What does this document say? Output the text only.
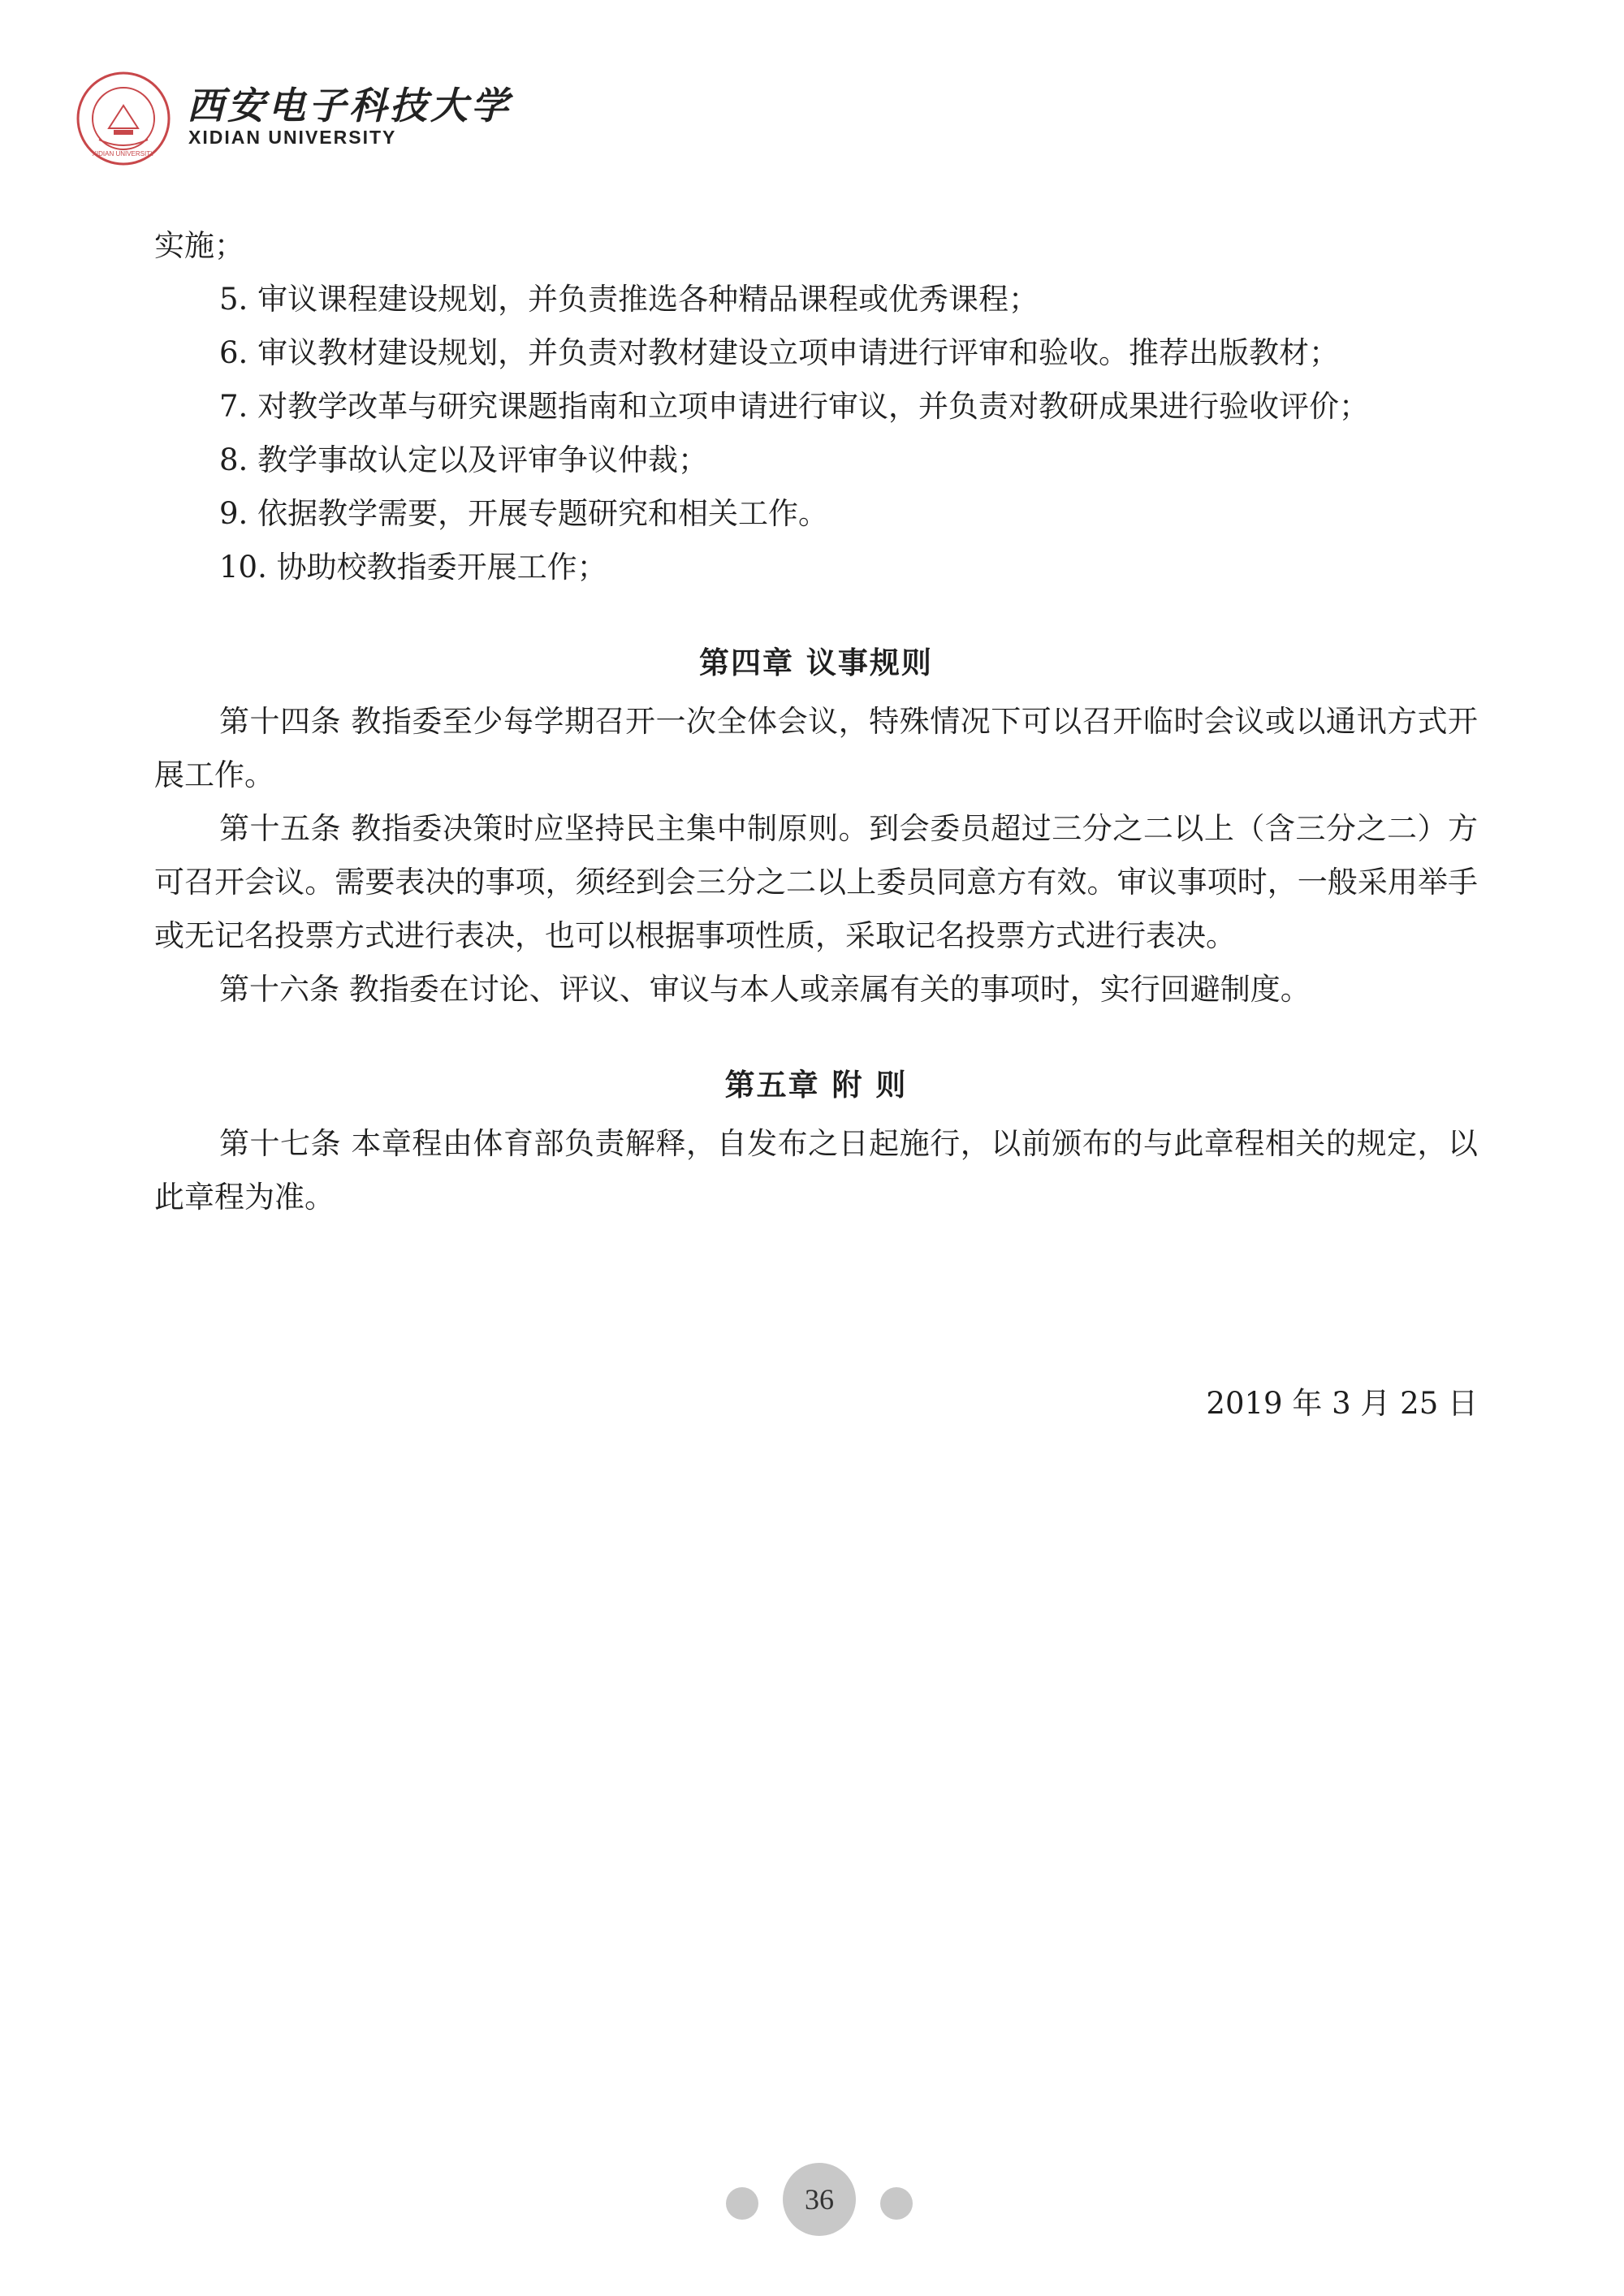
XIDIAN UNIVERSITY
西安电子科技大学
XIDIAN UNIVERSITY
实施；
5. 审议课程建设规划，并负责推选各种精品课程或优秀课程；
6. 审议教材建设规划，并负责对教材建设立项申请进行评审和验收。推荐出版教材；
7. 对教学改革与研究课题指南和立项申请进行审议，并负责对教研成果进行验收评价；
8. 教学事故认定以及评审争议仲裁；
9. 依据教学需要，开展专题研究和相关工作。
10. 协助校教指委开展工作；
第四章 议事规则
第十四条 教指委至少每学期召开一次全体会议，特殊情况下可以召开临时会议或以通讯方式开展工作。
第十五条 教指委决策时应坚持民主集中制原则。到会委员超过三分之二以上（含三分之二）方可召开会议。需要表决的事项，须经到会三分之二以上委员同意方有效。审议事项时，一般采用举手或无记名投票方式进行表决，也可以根据事项性质，采取记名投票方式进行表决。
第十六条 教指委在讨论、评议、审议与本人或亲属有关的事项时，实行回避制度。
第五章 附 则
第十七条 本章程由体育部负责解释，自发布之日起施行，以前颁布的与此章程相关的规定，以此章程为准。
2019 年 3 月 25 日
36
